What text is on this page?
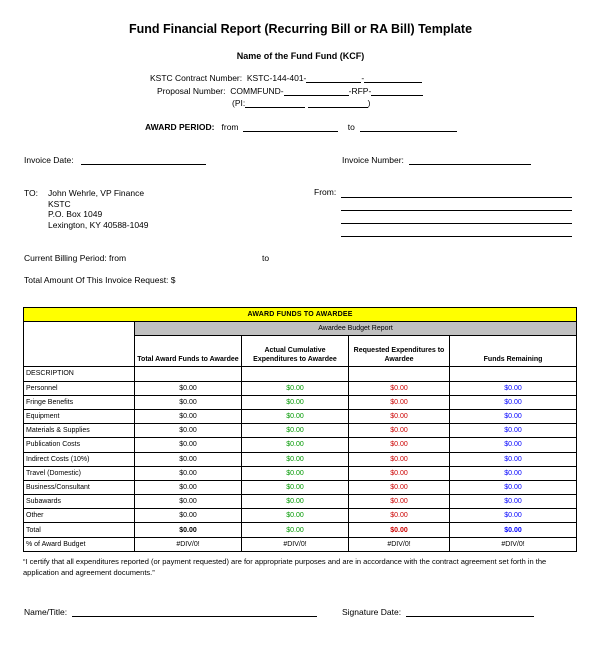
Fund Financial Report (Recurring Bill or RA Bill) Template
Name of the Fund Fund (KCF)
KSTC Contract Number: KSTC-144-401-	-
Proposal Number: COMMFUND-	-RFP-
(PI:	)
AWARD PERIOD: from	to
Invoice Date:	Invoice Number:
TO: John Wehrle, VP Finance
KSTC
P.O. Box 1049
Lexington, KY 40588-1049
From:
Current Billing Period: from	to
Total Amount Of This Invoice Request: $
AWARD FUNDS TO AWARDEE				
	Awardee Budget Report			
	Total Award Funds to Awardee	Actual Cumulative Expenditures to Awardee	Requested Expenditures to Awardee	Funds Remaining
DESCRIPTION				
Personnel	$0.00	$0.00	$0.00	$0.00
Fringe Benefits	$0.00	$0.00	$0.00	$0.00
Equipment	$0.00	$0.00	$0.00	$0.00
Materials & Supplies	$0.00	$0.00	$0.00	$0.00
Publication Costs	$0.00	$0.00	$0.00	$0.00
Indirect Costs (10%)	$0.00	$0.00	$0.00	$0.00
Travel (Domestic)	$0.00	$0.00	$0.00	$0.00
Business/Consultant	$0.00	$0.00	$0.00	$0.00
Subawards	$0.00	$0.00	$0.00	$0.00
Other	$0.00	$0.00	$0.00	$0.00
Total	$0.00	$0.00	$0.00	$0.00
% of Award Budget	#DIV/0!	#DIV/0!	#DIV/0!	#DIV/0!
“I certify that all expenditures reported (or payment requested) are for appropriate purposes and are in accordance with the contract agreement set forth in the application and agreement documents.”
Name/Title:	Signature Date:
